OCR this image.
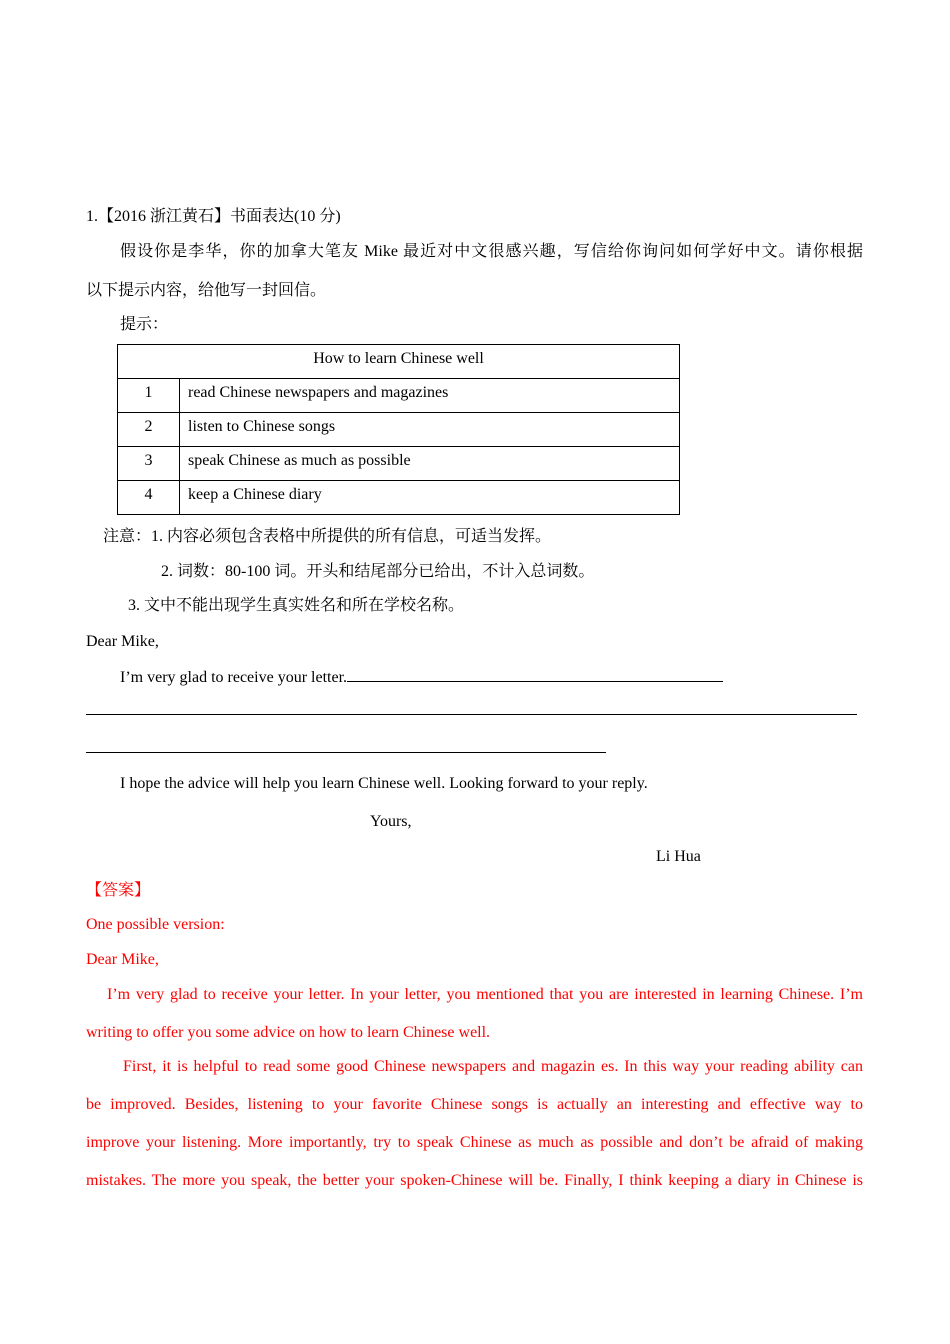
1.【2016 浙江黄石】书面表达(10 分)
假设你是李华，你的加拿大笔友 Mike 最近对中文很感兴趣，写信给你询问如何学好中文。请你根据
以下提示内容，给他写一封回信。
提示：
How to learn Chinese well	
1	read Chinese newspapers and magazines
2	listen to Chinese songs
3	speak Chinese as much as possible
4	keep a Chinese diary
注意：1. 内容必须包含表格中所提供的所有信息，可适当发挥。
2. 词数：80-100 词。开头和结尾部分已给出，不计入总词数。
3. 文中不能出现学生真实姓名和所在学校名称。
Dear Mike,
I’m very glad to receive your letter.
I hope the advice will help you learn Chinese well. Looking forward to your reply.
Yours,
Li Hua
【答案】
One possible version:
Dear Mike,
I’m very glad to receive your letter. In your letter, you mentioned that you are interested in learning Chinese. I’m
writing to offer you some advice on how to learn Chinese well.
First, it is helpful to read some good Chinese newspapers and magazin es. In this way your reading ability can
be improved. Besides, listening to your favorite Chinese songs is actually an interesting and effective way to
improve your listening. More importantly, try to speak Chinese as much as possible and don’t be afraid of making
mistakes. The more you speak, the better your spoken-Chinese will be. Finally, I think keeping a diary in Chinese is
